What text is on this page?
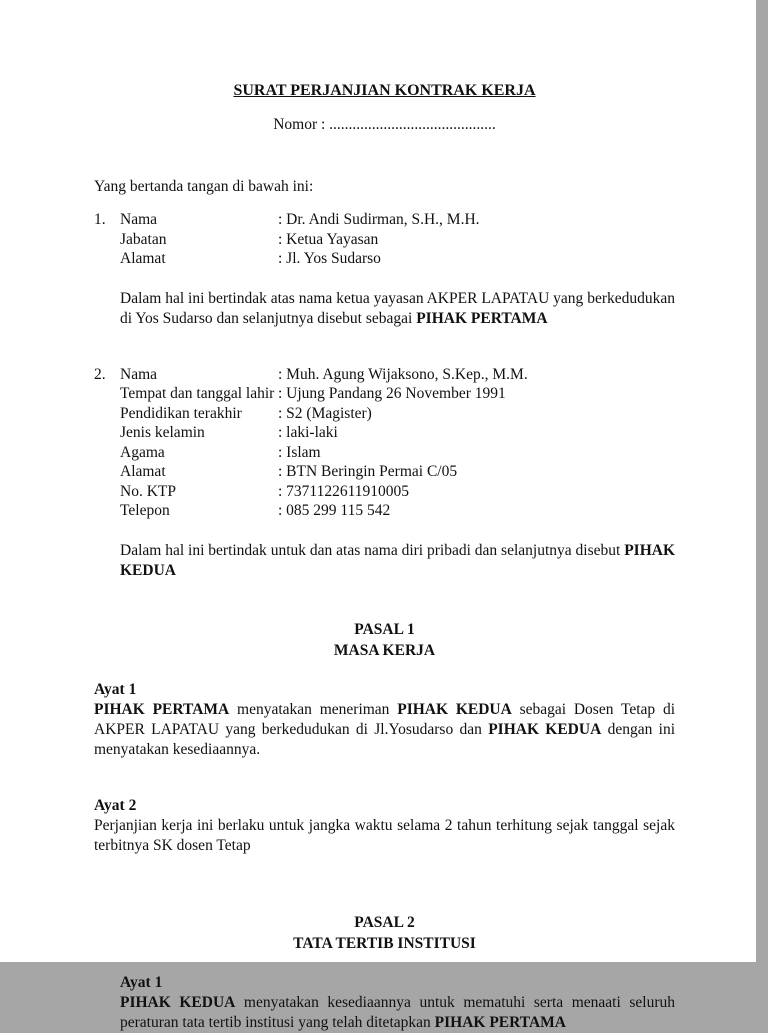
SURAT PERJANJIAN KONTRAK KERJA
Nomor : ...........................................
Yang bertanda tangan di bawah ini:
1. Nama	: Dr. Andi Sudirman, S.H., M.H.
Jabatan	: Ketua Yayasan
Alamat	: Jl. Yos Sudarso
Dalam hal ini bertindak atas nama ketua yayasan AKPER LAPATAU yang berkedudukan di Yos Sudarso dan selanjutnya disebut sebagai PIHAK PERTAMA
2. Nama	: Muh. Agung Wijaksono, S.Kep., M.M.
Tempat dan tanggal lahir : Ujung Pandang 26 November 1991
Pendidikan terakhir	: S2 (Magister)
Jenis kelamin	: laki-laki
Agama	: Islam
Alamat	: BTN Beringin Permai C/05
No. KTP	: 7371122611910005
Telepon	: 085 299 115 542
Dalam hal ini bertindak untuk dan atas nama diri pribadi dan selanjutnya disebut PIHAK KEDUA
PASAL 1
MASA KERJA
Ayat 1
PIHAK PERTAMA menyatakan meneriman PIHAK KEDUA sebagai Dosen Tetap di AKPER LAPATAU yang berkedudukan di Jl.Yosudarso dan PIHAK KEDUA dengan ini menyatakan kesediaannya.
Ayat 2
Perjanjian kerja ini berlaku untuk jangka waktu selama 2 tahun terhitung sejak tanggal sejak terbitnya SK dosen Tetap
PASAL 2
TATA TERTIB INSTITUSI
Ayat 1
PIHAK KEDUA menyatakan kesediaannya untuk mematuhi serta menaati seluruh peraturan tata tertib institusi yang telah ditetapkan PIHAK PERTAMA
